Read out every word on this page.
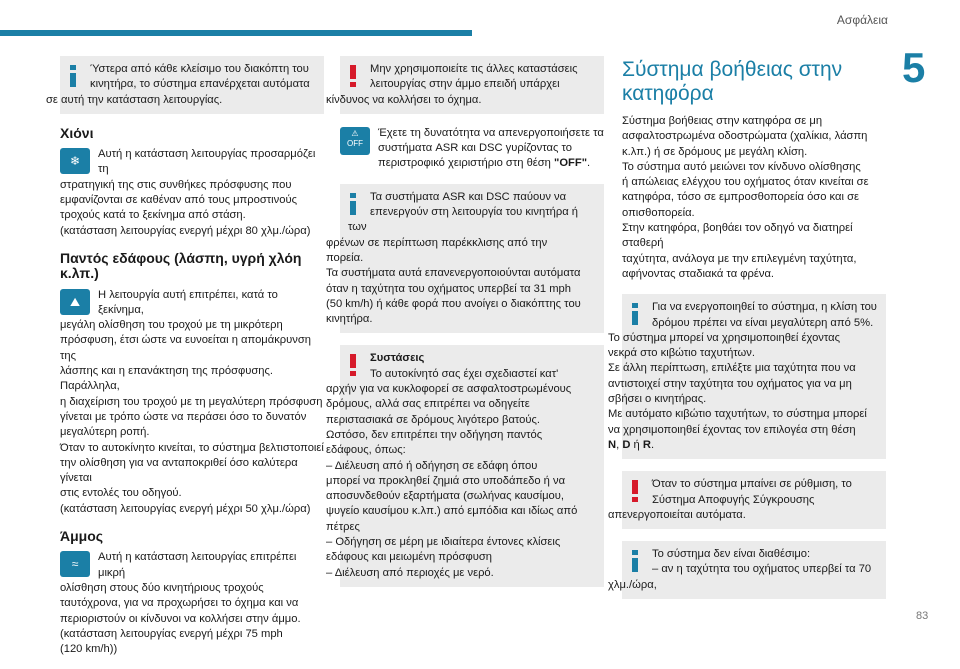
Ασφάλεια
5
83

Ύστερα από κάθε κλείσιμο του διακόπτη του

κινητήρα, το σύστημα επανέρχεται αυτόματα

σε αυτή την κατάσταση λειτουργίας.

Χιόνι
❄	Αυτή η κατάσταση λειτουργίας προσαρμόζει τη

στρατηγική της στις συνθήκες πρόσφυσης που

εμφανίζονται σε καθέναν από τους μπροστινούς

τροχούς κατά το ξεκίνημα από στάση.

(κατάσταση λειτουργίας ενεργή μέχρι 80 χλμ./ώρα)

Παντός εδάφους (λάσπη, υγρή χλόη κ.λπ.)
⛰	Η λειτουργία αυτή επιτρέπει, κατά το ξεκίνημα,

μεγάλη ολίσθηση του τροχού με τη μικρότερη

πρόσφυση, έτσι ώστε να ευνοείται η απομάκρυνση της

λάσπης και η επανάκτηση της πρόσφυσης. Παράλληλα,

η διαχείριση του τροχού με τη μεγαλύτερη πρόσφυση

γίνεται με τρόπο ώστε να περάσει όσο το δυνατόν

μεγαλύτερη ροπή.

Όταν το αυτοκίνητο κινείται, το σύστημα βελτιστοποιεί

την ολίσθηση για να ανταποκριθεί όσο καλύτερα γίνεται

στις εντολές του οδηγού.

(κατάσταση λειτουργίας ενεργή μέχρι 50 χλμ./ώρα)

Άμμος
≈	Αυτή η κατάσταση λειτουργίας επιτρέπει μικρή

ολίσθηση στους δύο κινητήριους τροχούς

ταυτόχρονα, για να προχωρήσει το όχημα και να

περιοριστούν οι κίνδυνοι να κολλήσει στην άμμο.

(κατάσταση λειτουργίας ενεργή μέχρι 75 mph

(120 km/h))

Μην χρησιμοποιείτε τις άλλες καταστάσεις

λειτουργίας στην άμμο επειδή υπάρχει

κίνδυνος να κολλήσει το όχημα.

⚠
OFF

Έχετε τη δυνατότητα να απενεργοποιήσετε τα

συστήματα ASR και DSC γυρίζοντας το

περιστροφικό χειριστήριο στη θέση "OFF".

Τα συστήματα ASR και DSC παύουν να

επενεργούν στη λειτουργία του κινητήρα ή των

φρένων σε περίπτωση παρέκκλισης από την

πορεία.

Τα συστήματα αυτά επανενεργοποιούνται αυτόματα

όταν η ταχύτητα του οχήματος υπερβεί τα 31 mph

(50 km/h) ή κάθε φορά που ανοίγει ο διακόπτης του

κινητήρα.

Συστάσεις

Το αυτοκίνητό σας έχει σχεδιαστεί κατ'

αρχήν για να κυκλοφορεί σε ασφαλτοστρωμένους

δρόμους, αλλά σας επιτρέπει να οδηγείτε

περιστασιακά σε δρόμους λιγότερο βατούς.

Ωστόσο, δεν επιτρέπει την οδήγηση παντός

εδάφους, όπως:

– Διέλευση από ή οδήγηση σε εδάφη όπου

μπορεί να προκληθεί ζημιά στο υποδάπεδο ή να

αποσυνδεθούν εξαρτήματα (σωλήνας καυσίμου,

ψυγείο καυσίμου κ.λπ.) από εμπόδια και ιδίως από

πέτρες

– Οδήγηση σε μέρη με ιδιαίτερα έντονες κλίσεις

εδάφους και μειωμένη πρόσφυση

– Διέλευση από περιοχές με νερό.

Σύστημα βοήθειας στην
κατηφόρα

Σύστημα βοήθειας στην κατηφόρα σε μη

ασφαλτοστρωμένα οδοστρώματα (χαλίκια, λάσπη

κ.λπ.) ή σε δρόμους με μεγάλη κλίση.

Το σύστημα αυτό μειώνει τον κίνδυνο ολίσθησης

ή απώλειας ελέγχου του οχήματος όταν κινείται σε

κατηφόρα, τόσο σε εμπροσθοπορεία όσο και σε

οπισθοπορεία.

Στην κατηφόρα, βοηθάει τον οδηγό να διατηρεί σταθερή

ταχύτητα, ανάλογα με την επιλεγμένη ταχύτητα,

αφήνοντας σταδιακά τα φρένα.

Για να ενεργοποιηθεί το σύστημα, η κλίση του

δρόμου πρέπει να είναι μεγαλύτερη από 5%.

Το σύστημα μπορεί να χρησιμοποιηθεί έχοντας

νεκρά στο κιβώτιο ταχυτήτων.

Σε άλλη περίπτωση, επιλέξτε μια ταχύτητα που να

αντιστοιχεί στην ταχύτητα του οχήματος για να μη

σβήσει ο κινητήρας.

Με αυτόματο κιβώτιο ταχυτήτων, το σύστημα μπορεί

να χρησιμοποιηθεί έχοντας τον επιλογέα στη θέση

N, D ή R.

Όταν το σύστημα μπαίνει σε ρύθμιση, το

Σύστημα Αποφυγής Σύγκρουσης

απενεργοποιείται αυτόματα.

Το σύστημα δεν είναι διαθέσιμο:

– αν η ταχύτητα του οχήματος υπερβεί τα 70

χλμ./ώρα,
